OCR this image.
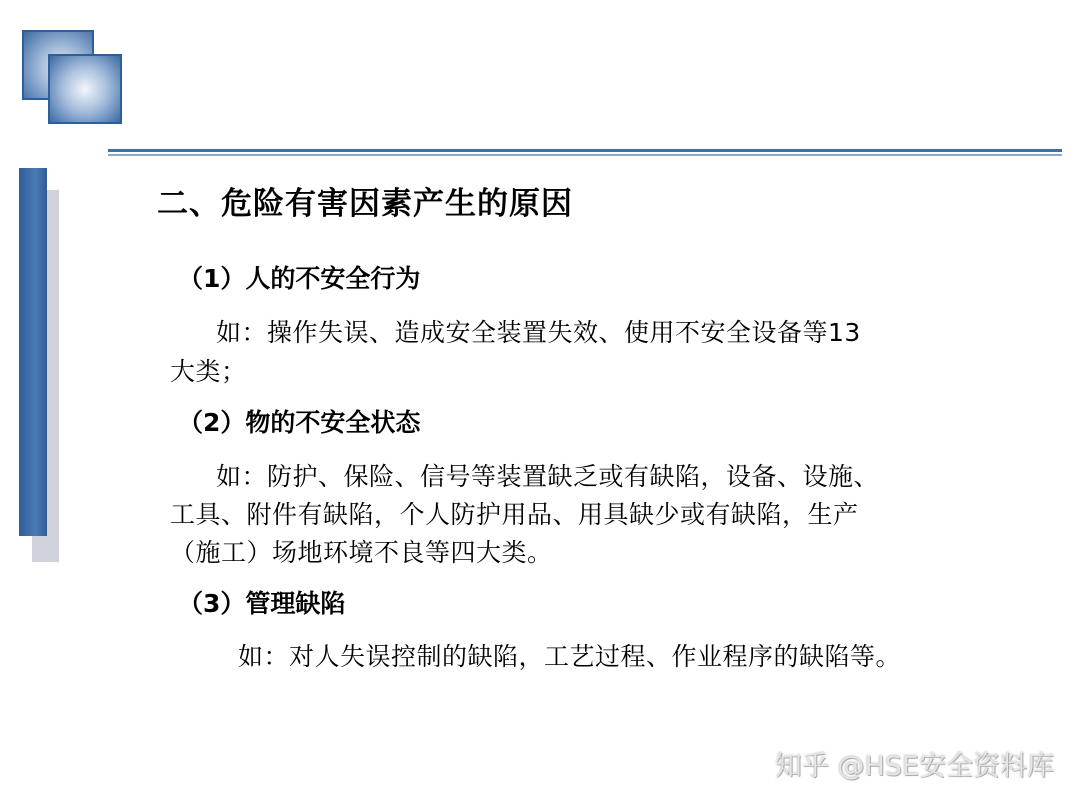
二、危险有害因素产生的原因
（1）人的不安全行为
如：操作失误、造成安全装置失效、使用不安全设备等13
大类；
（2）物的不安全状态
如：防护、保险、信号等装置缺乏或有缺陷，设备、设施、
工具、附件有缺陷，个人防护用品、用具缺少或有缺陷，生产
（施工）场地环境不良等四大类。
（3）管理缺陷
如：对人失误控制的缺陷，工艺过程、作业程序的缺陷等。
知乎 @HSE安全资料库
